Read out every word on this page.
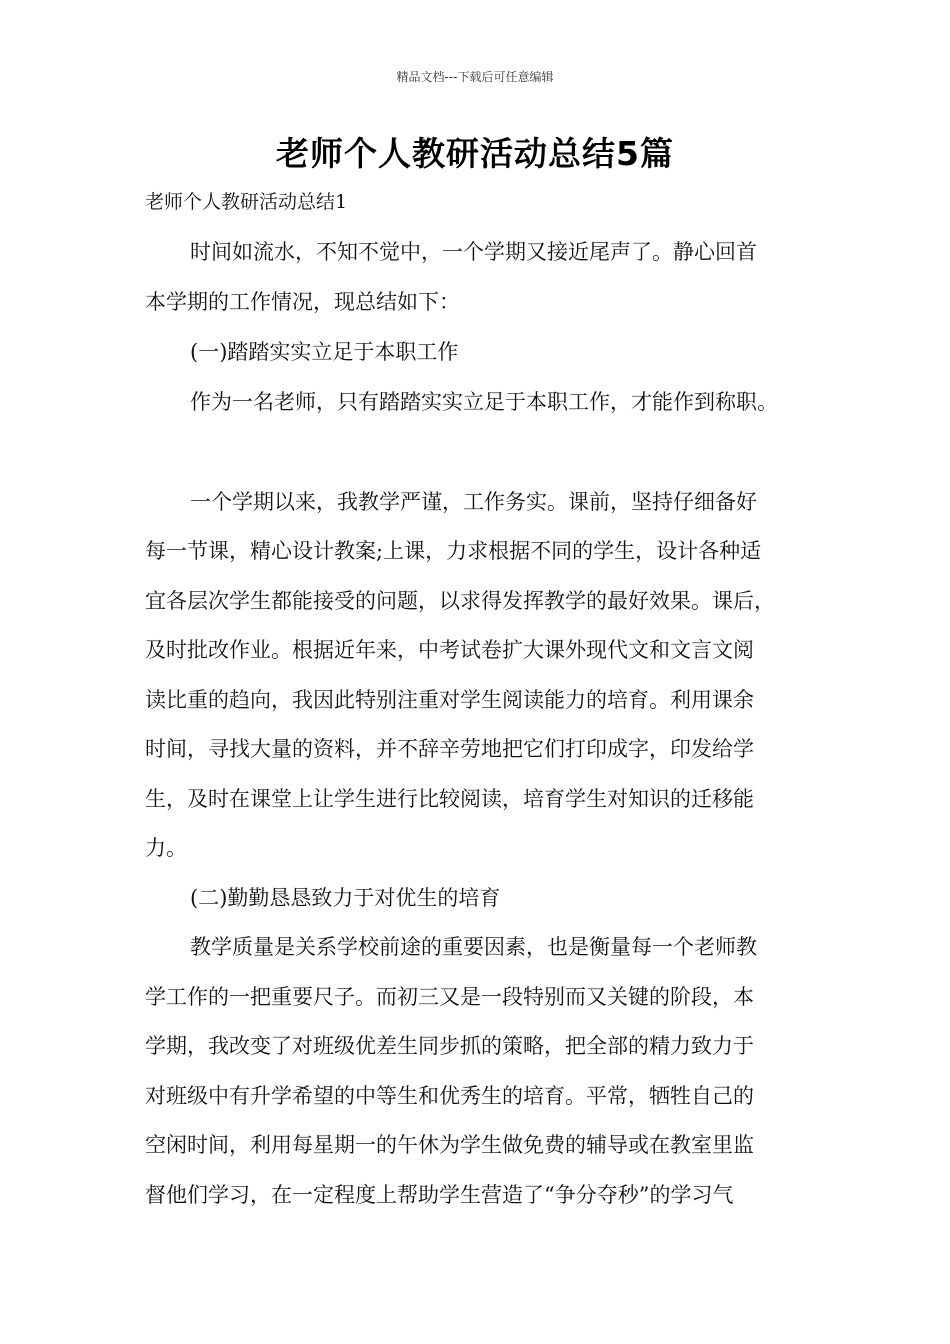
精品文档---下载后可任意编辑
老师个人教研活动总结5篇
老师个人教研活动总结1
时间如流水，不知不觉中，一个学期又接近尾声了。静心回首
本学期的工作情况，现总结如下：
(一)踏踏实实立足于本职工作
作为一名老师，只有踏踏实实立足于本职工作，才能作到称职。
一个学期以来，我教学严谨，工作务实。课前，坚持仔细备好
每一节课，精心设计教案;上课，力求根据不同的学生，设计各种适
宜各层次学生都能接受的问题，以求得发挥教学的最好效果。课后，
及时批改作业。根据近年来，中考试卷扩大课外现代文和文言文阅
读比重的趋向，我因此特别注重对学生阅读能力的培育。利用课余
时间，寻找大量的资料，并不辞辛劳地把它们打印成字，印发给学
生，及时在课堂上让学生进行比较阅读，培育学生对知识的迁移能
力。
(二)勤勤恳恳致力于对优生的培育
教学质量是关系学校前途的重要因素，也是衡量每一个老师教
学工作的一把重要尺子。而初三又是一段特别而又关键的阶段，本
学期，我改变了对班级优差生同步抓的策略，把全部的精力致力于
对班级中有升学希望的中等生和优秀生的培育。平常，牺牲自己的
空闲时间，利用每星期一的午休为学生做免费的辅导或在教室里监
督他们学习，在一定程度上帮助学生营造了“争分夺秒”的学习气
